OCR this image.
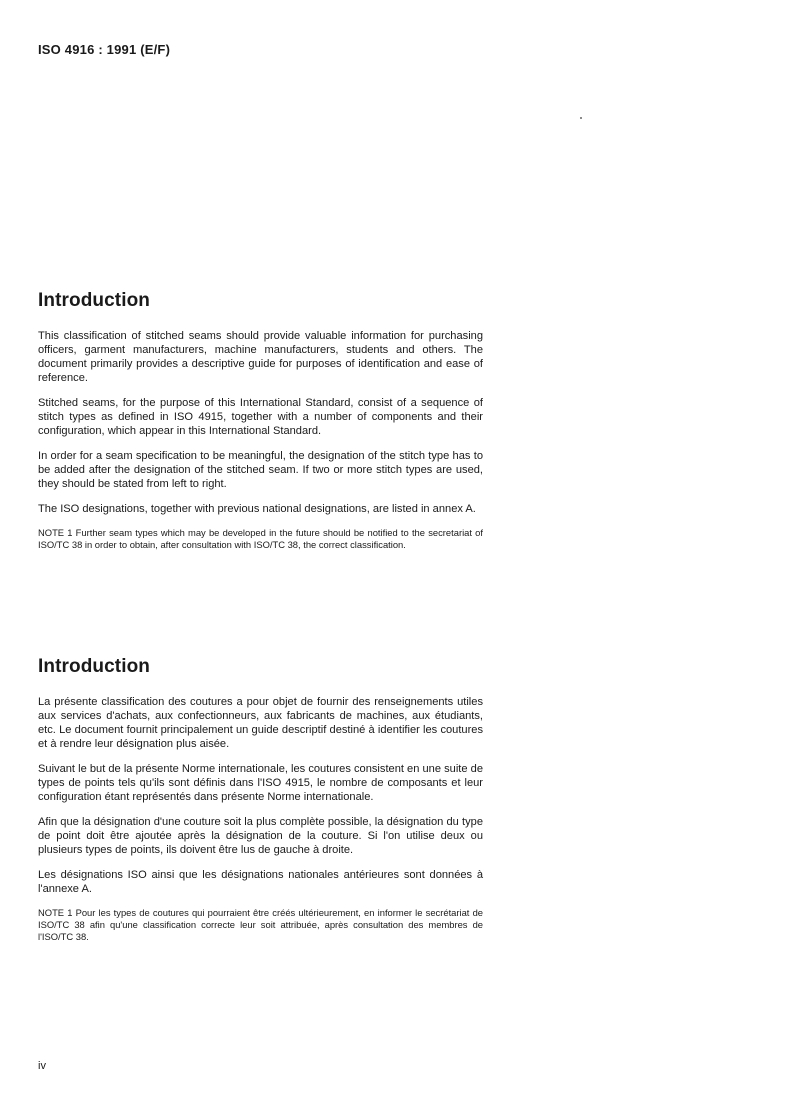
ISO 4916 : 1991 (E/F)
Introduction

This classification of stitched seams should provide valuable information for purchasing officers, garment manufacturers, machine manufacturers, students and others. The document primarily provides a descriptive guide for purposes of identification and ease of reference.

Stitched seams, for the purpose of this International Standard, consist of a sequence of stitch types as defined in ISO 4915, together with a number of components and their configuration, which appear in this International Standard.

In order for a seam specification to be meaningful, the designation of the stitch type has to be added after the designation of the stitched seam. If two or more stitch types are used, they should be stated from left to right.

The ISO designations, together with previous national designations, are listed in annex A.

NOTE 1 Further seam types which may be developed in the future should be notified to the secretariat of ISO/TC 38 in order to obtain, after consultation with ISO/TC 38, the correct classification.

Introduction

La présente classification des coutures a pour objet de fournir des renseignements utiles aux services d'achats, aux confectionneurs, aux fabricants de machines, aux étudiants, etc. Le document fournit principalement un guide descriptif destiné à identifier les coutures et à rendre leur désignation plus aisée.

Suivant le but de la présente Norme internationale, les coutures consistent en une suite de types de points tels qu'ils sont définis dans l'ISO 4915, le nombre de composants et leur configuration étant représentés dans présente Norme internationale.

Afin que la désignation d'une couture soit la plus complète possible, la désignation du type de point doit être ajoutée après la désignation de la couture. Si l'on utilise deux ou plusieurs types de points, ils doivent être lus de gauche à droite.

Les désignations ISO ainsi que les désignations nationales antérieures sont données à l'annexe A.

NOTE 1 Pour les types de coutures qui pourraient être créés ultérieurement, en informer le secrétariat de ISO/TC 38 afin qu'une classification correcte leur soit attribuée, après consultation des membres de l'ISO/TC 38.

iv
